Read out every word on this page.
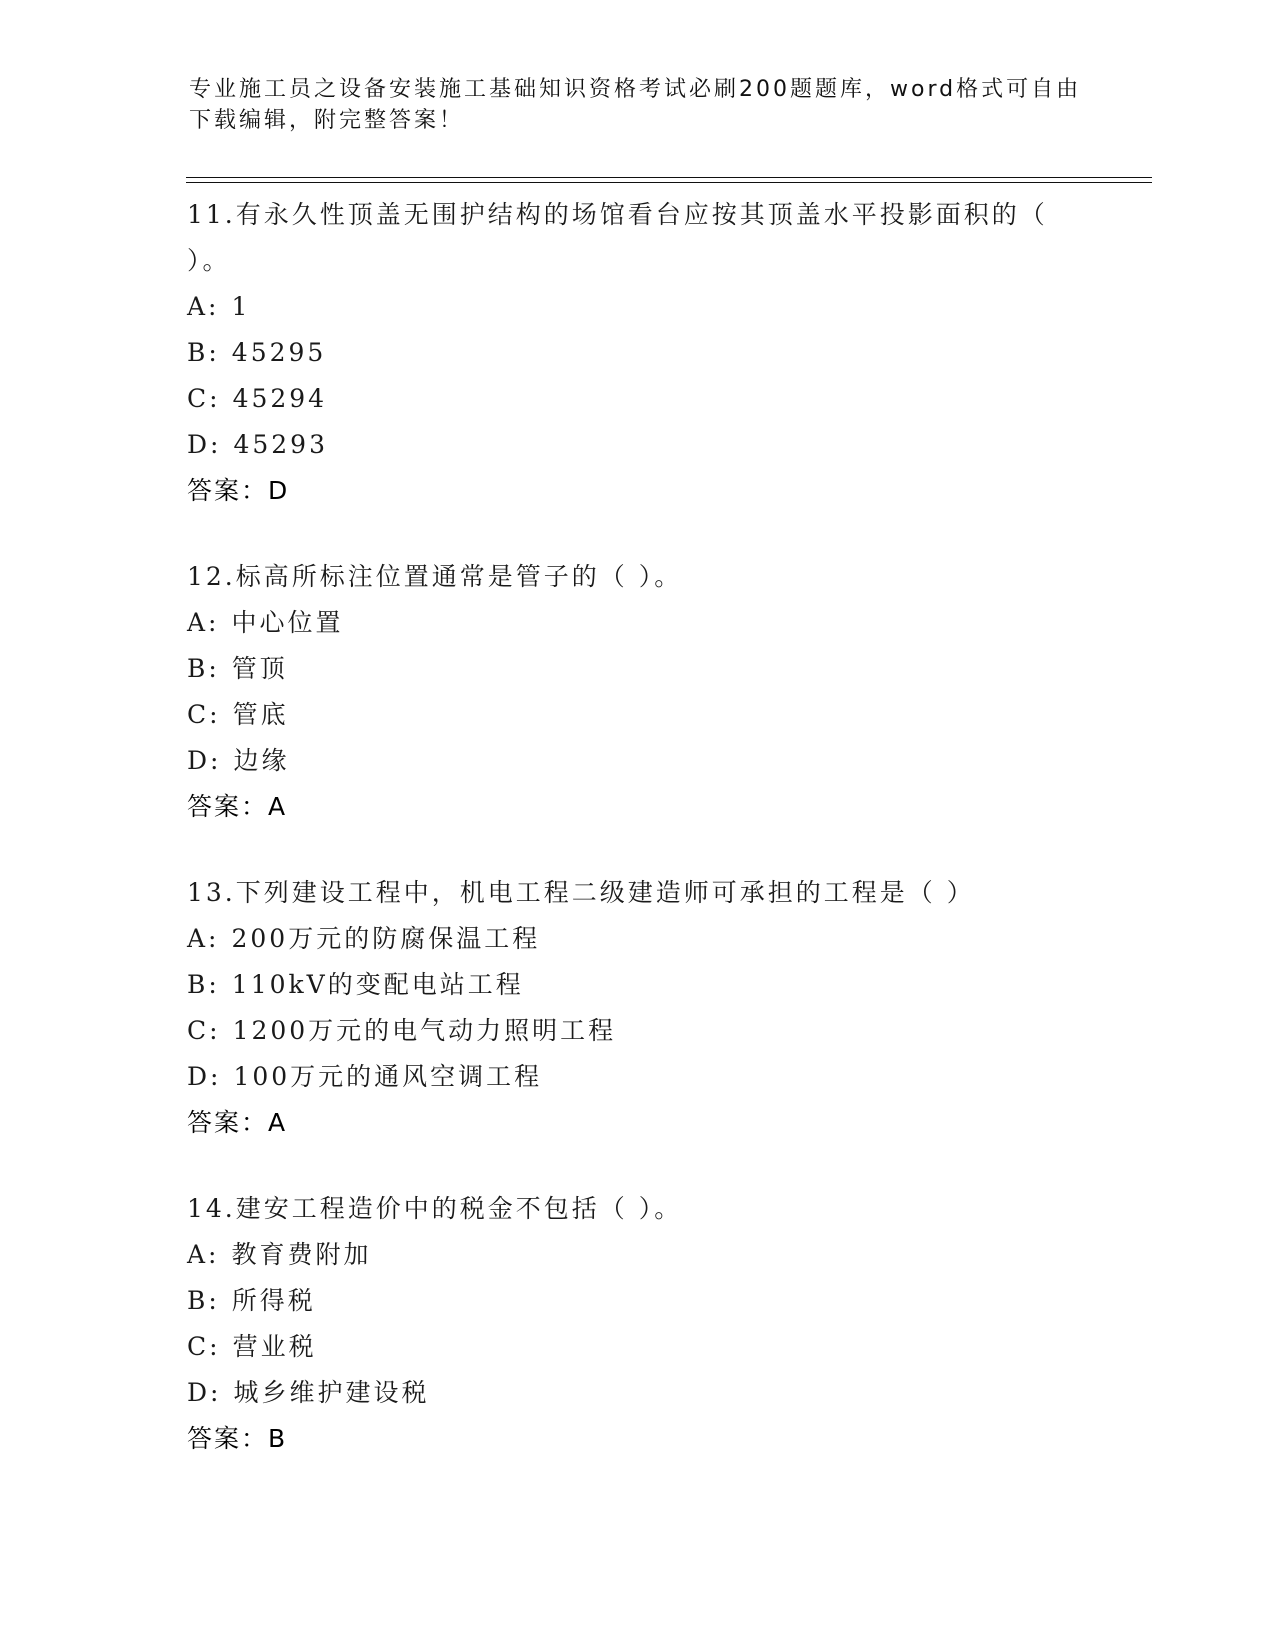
专业施工员之设备安装施工基础知识资格考试必刷200题题库，word格式可自由下载编辑，附完整答案！
11.有永久性顶盖无围护结构的场馆看台应按其顶盖水平投影面积的（ ）。
A: 1
B: 45295
C: 45294
D: 45293
答案：D
12.标高所标注位置通常是管子的（ ）。
A: 中心位置
B: 管顶
C: 管底
D: 边缘
答案：A
13.下列建设工程中，机电工程二级建造师可承担的工程是（ ）
A: 200万元的防腐保温工程
B: 110kV的变配电站工程
C: 1200万元的电气动力照明工程
D: 100万元的通风空调工程
答案：A
14.建安工程造价中的税金不包括（ ）。
A: 教育费附加
B: 所得税
C: 营业税
D: 城乡维护建设税
答案：B
